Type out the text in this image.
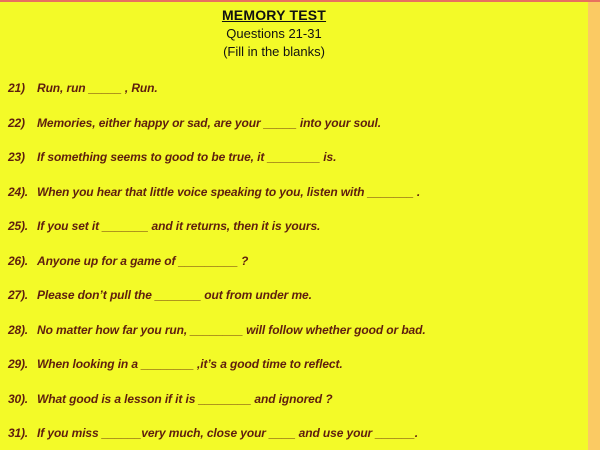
MEMORY TEST
Questions 21-31
(Fill in the blanks)
21)	Run, run _____ , Run.
22)	Memories, either happy or sad, are your _____ into your soul.
23)	If something seems to good to be true, it ________ is.
24). When you hear that little voice speaking to you, listen with _______ .
25). If you set it _______ and it returns, then it is yours.
26). Anyone up for a game of _________ ?
27). Please don’t pull the _______ out from under me.
28). No matter how far you run, ________ will follow whether good or bad.
29). When looking in a ________ ,it’s a good time to reflect.
30). What good is a lesson if it is ________ and ignored ?
31). If you miss ______very much, close your ____ and use your ______.
